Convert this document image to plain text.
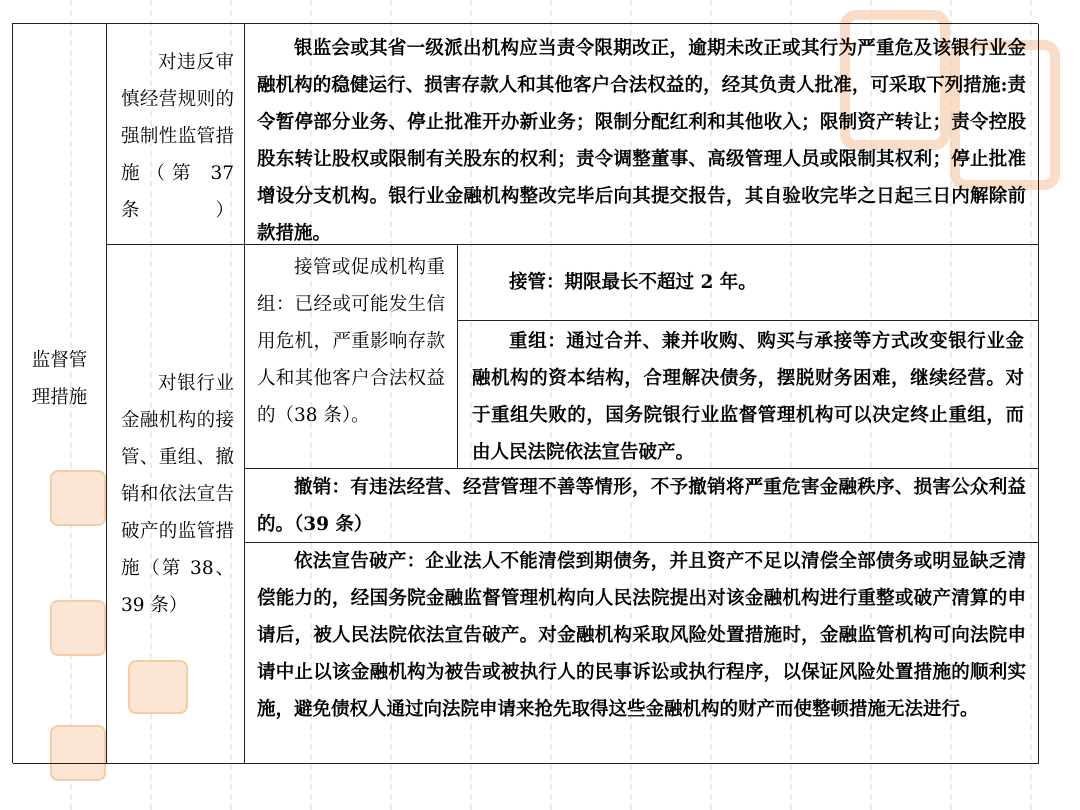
监督管理措施

对违反审慎经营规则的强制性监管措施（第 37 条）

银监会或其省一级派出机构应当责令限期改正，逾期未改正或其行为严重危及该银行业金融机构的稳健运行、损害存款人和其他客户合法权益的，经其负责人批准，可采取下列措施:责令暂停部分业务、停止批准开办新业务；限制分配红利和其他收入；限制资产转让；责令控股股东转让股权或限制有关股东的权利；责令调整董事、高级管理人员或限制其权利；停止批准增设分支机构。银行业金融机构整改完毕后向其提交报告，其自验收完毕之日起三日内解除前款措施。

对银行业金融机构的接管、重组、撤销和依法宣告破产的监管措施（第 38、39 条）

接管或促成机构重组：已经或可能发生信用危机，严重影响存款人和其他客户合法权益的（38 条）。

接管：期限最长不超过 2 年。

重组：通过合并、兼并收购、购买与承接等方式改变银行业金融机构的资本结构，合理解决债务，摆脱财务困难，继续经营。对于重组失败的，国务院银行业监督管理机构可以决定终止重组，而由人民法院依法宣告破产。

撤销：有违法经营、经营管理不善等情形，不予撤销将严重危害金融秩序、损害公众利益的。（39 条）

依法宣告破产：企业法人不能清偿到期债务，并且资产不足以清偿全部债务或明显缺乏清偿能力的，经国务院金融监督管理机构向人民法院提出对该金融机构进行重整或破产清算的申请后，被人民法院依法宣告破产。对金融机构采取风险处置措施时，金融监管机构可向法院申请中止以该金融机构为被告或被执行人的民事诉讼或执行程序，以保证风险处置措施的顺利实施，避免债权人通过向法院申请来抢先取得这些金融机构的财产而使整顿措施无法进行。
